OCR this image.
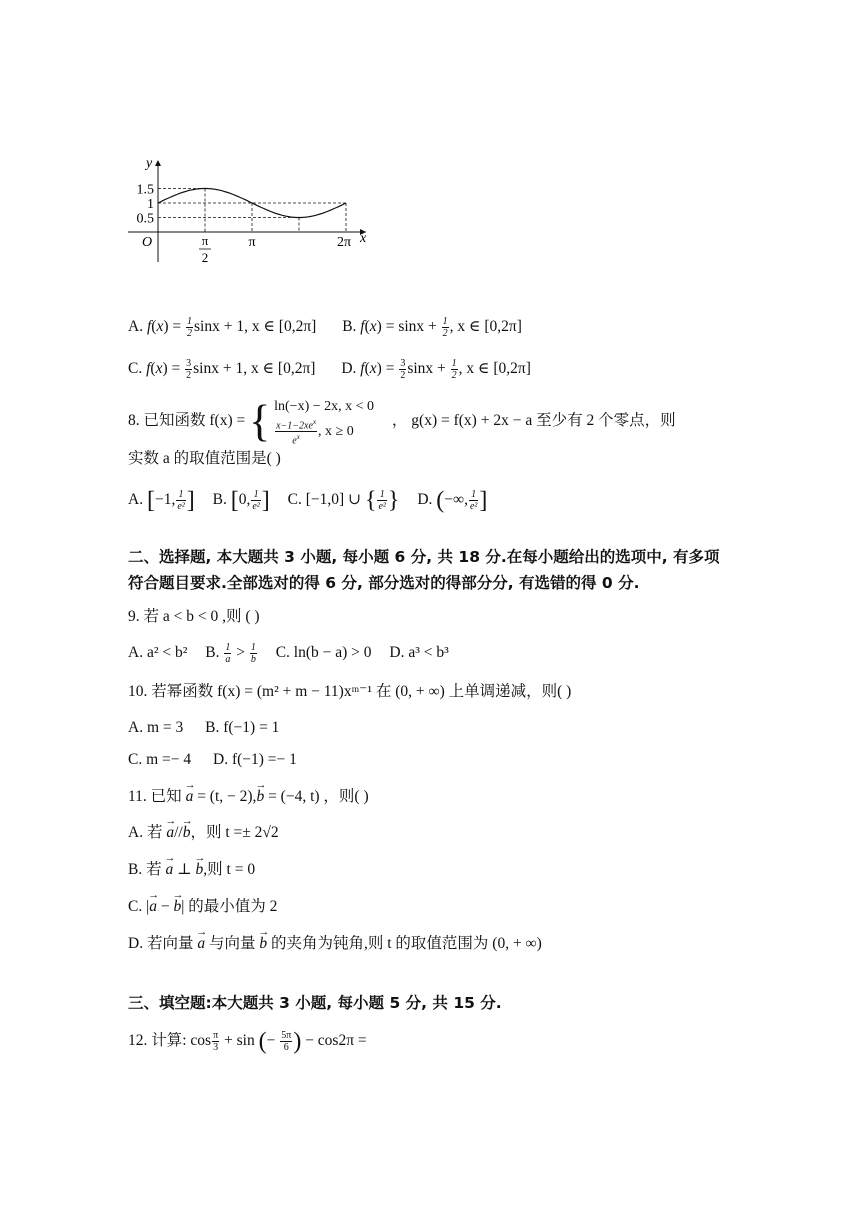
y
x
O
1.5
1
0.5
π
2
π	2π
A. $f(x) = \frac{1}{2}$ sinx + 1, x ∈ [0,2π] B. $f(x) = \sin x + \frac{1}{2}$ , x ∈ [0,2π]
C. $f(x) = \frac{3}{2}$ sinx + 1, x ∈ [0,2π] D. $f(x) = \frac{3}{2}$ $\sin x + \frac{1}{2}$ , x ∈ [0,2π]
8. 已知函数 f(x) = { ln(−x) − 2x, x < 0
$\frac{x-1-2xe^x}{e^x}$ , x ≥ 0
， g(x) = f(x) + 2x − a 至少有 2 个零点，则
实数 a 的取值范围是( )
A. [−1, $\frac{1}{\text{e²}}$ ] B. [0, $\frac{1}{\text{e²}}$ ] C. [−1,0] ∪ { $\frac{1}{\text{e²}}$ } D. (−∞, $\frac{1}{\text{e²}}$ ]
二、选择题, 本大题共 3 小题, 每小题 6 分, 共 18 分.在每小题给出的选项中, 有多项
符合题目要求.全部选对的得 6 分, 部分选对的得部分分, 有选错的得 0 分.
9. 若 a < b < 0 ,则 ( )
A. a² < b² B. $\frac{1}{a} > \frac{1}{b} C$. ln(b − a) > 0 D. a³ < b³
10. 若幂函数 f(x) = (m² + m − 11)xᵐ⁻¹ 在 (0, + ∞) 上单调递减，则( )
A. m = 3 B. f(−1) = 1
C. m =− 4 D. f(−1) =− 1
11. 已知 → a = (t, − 2),→ b = (−4, t) ，则( )
A. 若 → a//→ b，则 t =± 2√2
B. 若 → a ⊥ → b,则 t = 0
C. |→ a − → b| 的最小值为 2
D. 若向量 → a 与向量 → b 的夹角为钝角,则 t 的取值范围为 (0, + ∞)
三、填空题:本大题共 3 小题, 每小题 5 分, 共 15 分.
12. 计算: $\cos \frac{\pi}{3} + \sin$ (− $\frac{5\pi}{6}$ ) − cos2π =
